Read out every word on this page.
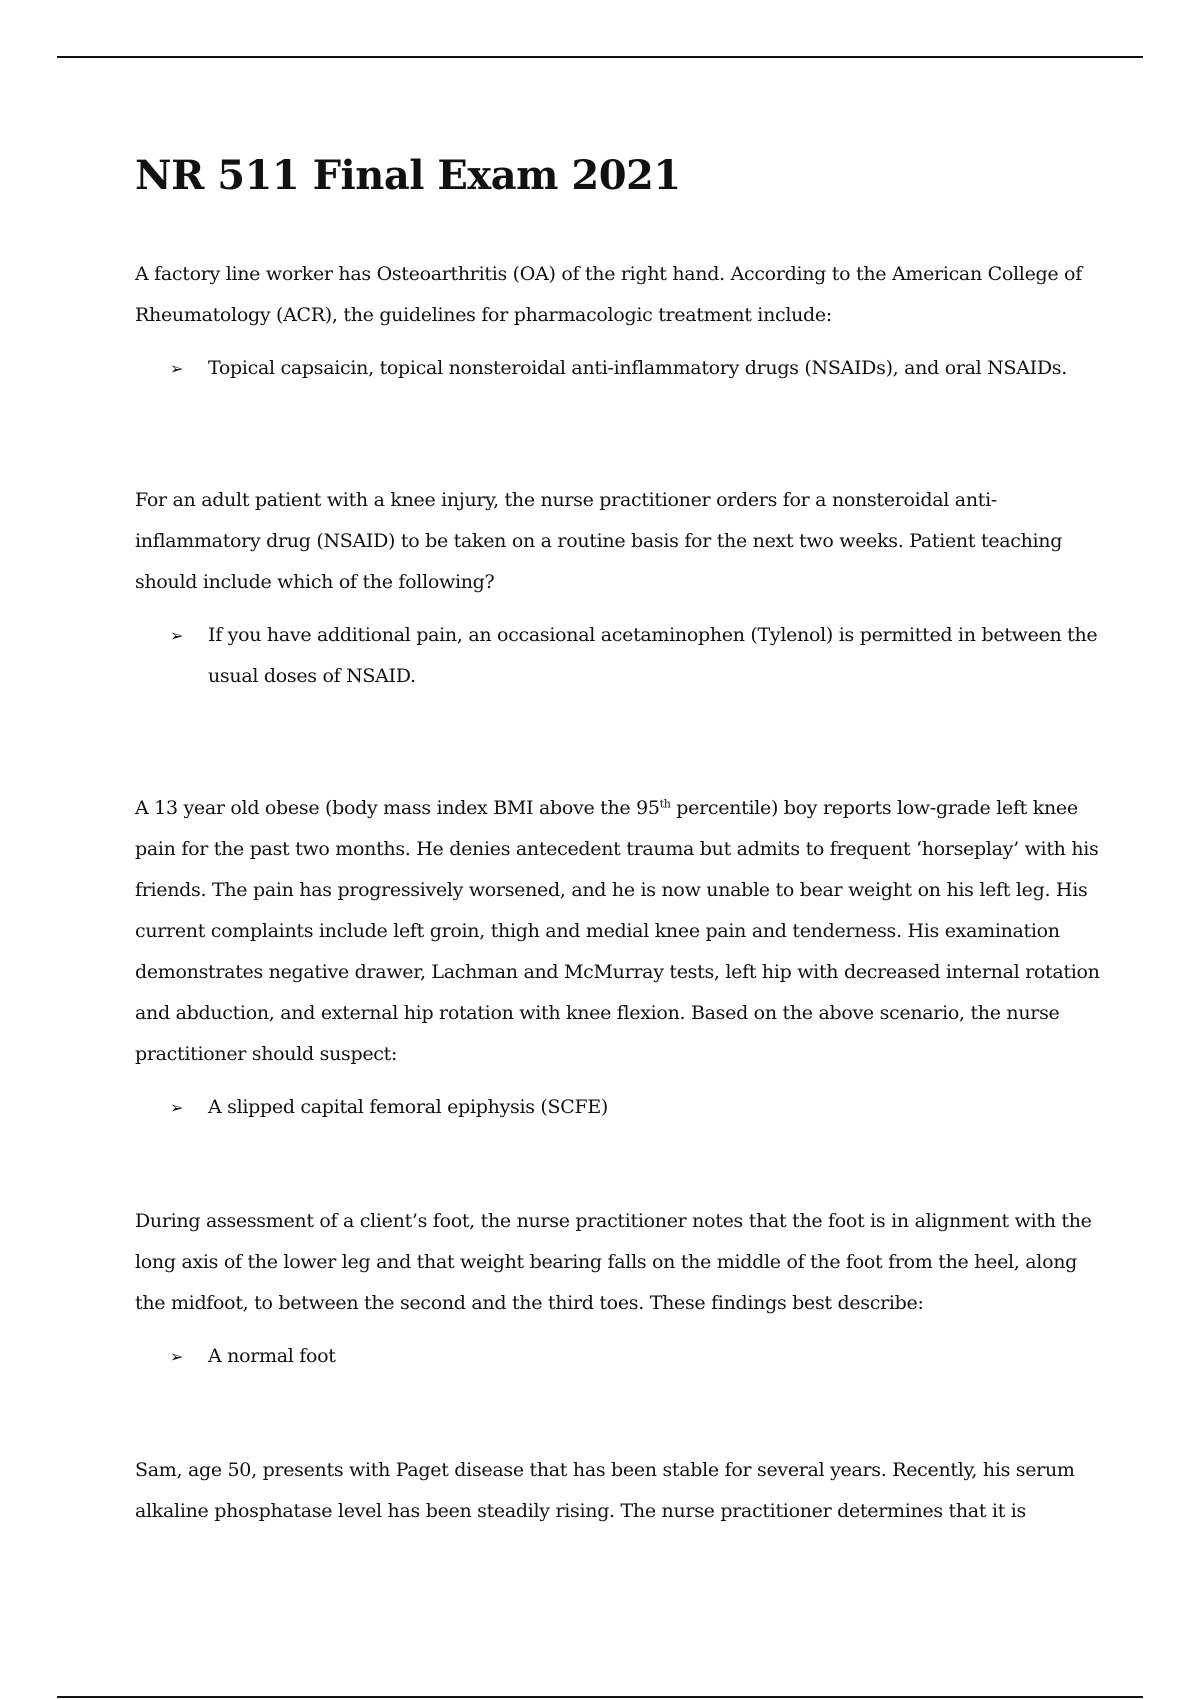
NR 511 Final Exam 2021

A factory line worker has Osteoarthritis (OA) of the right hand. According to the American College of Rheumatology (ACR), the guidelines for pharmacologic treatment include:

➢ Topical capsaicin, topical nonsteroidal anti-inflammatory drugs (NSAIDs), and oral NSAIDs.

For an adult patient with a knee injury, the nurse practitioner orders for a nonsteroidal anti-inflammatory drug (NSAID) to be taken on a routine basis for the next two weeks. Patient teaching should include which of the following?

➢ If you have additional pain, an occasional acetaminophen (Tylenol) is permitted in between the usual doses of NSAID.

A 13 year old obese (body mass index BMI above the 95th percentile) boy reports low-grade left knee pain for the past two months. He denies antecedent trauma but admits to frequent ‘horseplay’ with his friends. The pain has progressively worsened, and he is now unable to bear weight on his left leg. His current complaints include left groin, thigh and medial knee pain and tenderness. His examination demonstrates negative drawer, Lachman and McMurray tests, left hip with decreased internal rotation and abduction, and external hip rotation with knee flexion. Based on the above scenario, the nurse practitioner should suspect:

➢ A slipped capital femoral epiphysis (SCFE)

During assessment of a client’s foot, the nurse practitioner notes that the foot is in alignment with the long axis of the lower leg and that weight bearing falls on the middle of the foot from the heel, along the midfoot, to between the second and the third toes. These findings best describe:

➢ A normal foot

Sam, age 50, presents with Paget disease that has been stable for several years. Recently, his serum alkaline phosphatase level has been steadily rising. The nurse practitioner determines that it is
